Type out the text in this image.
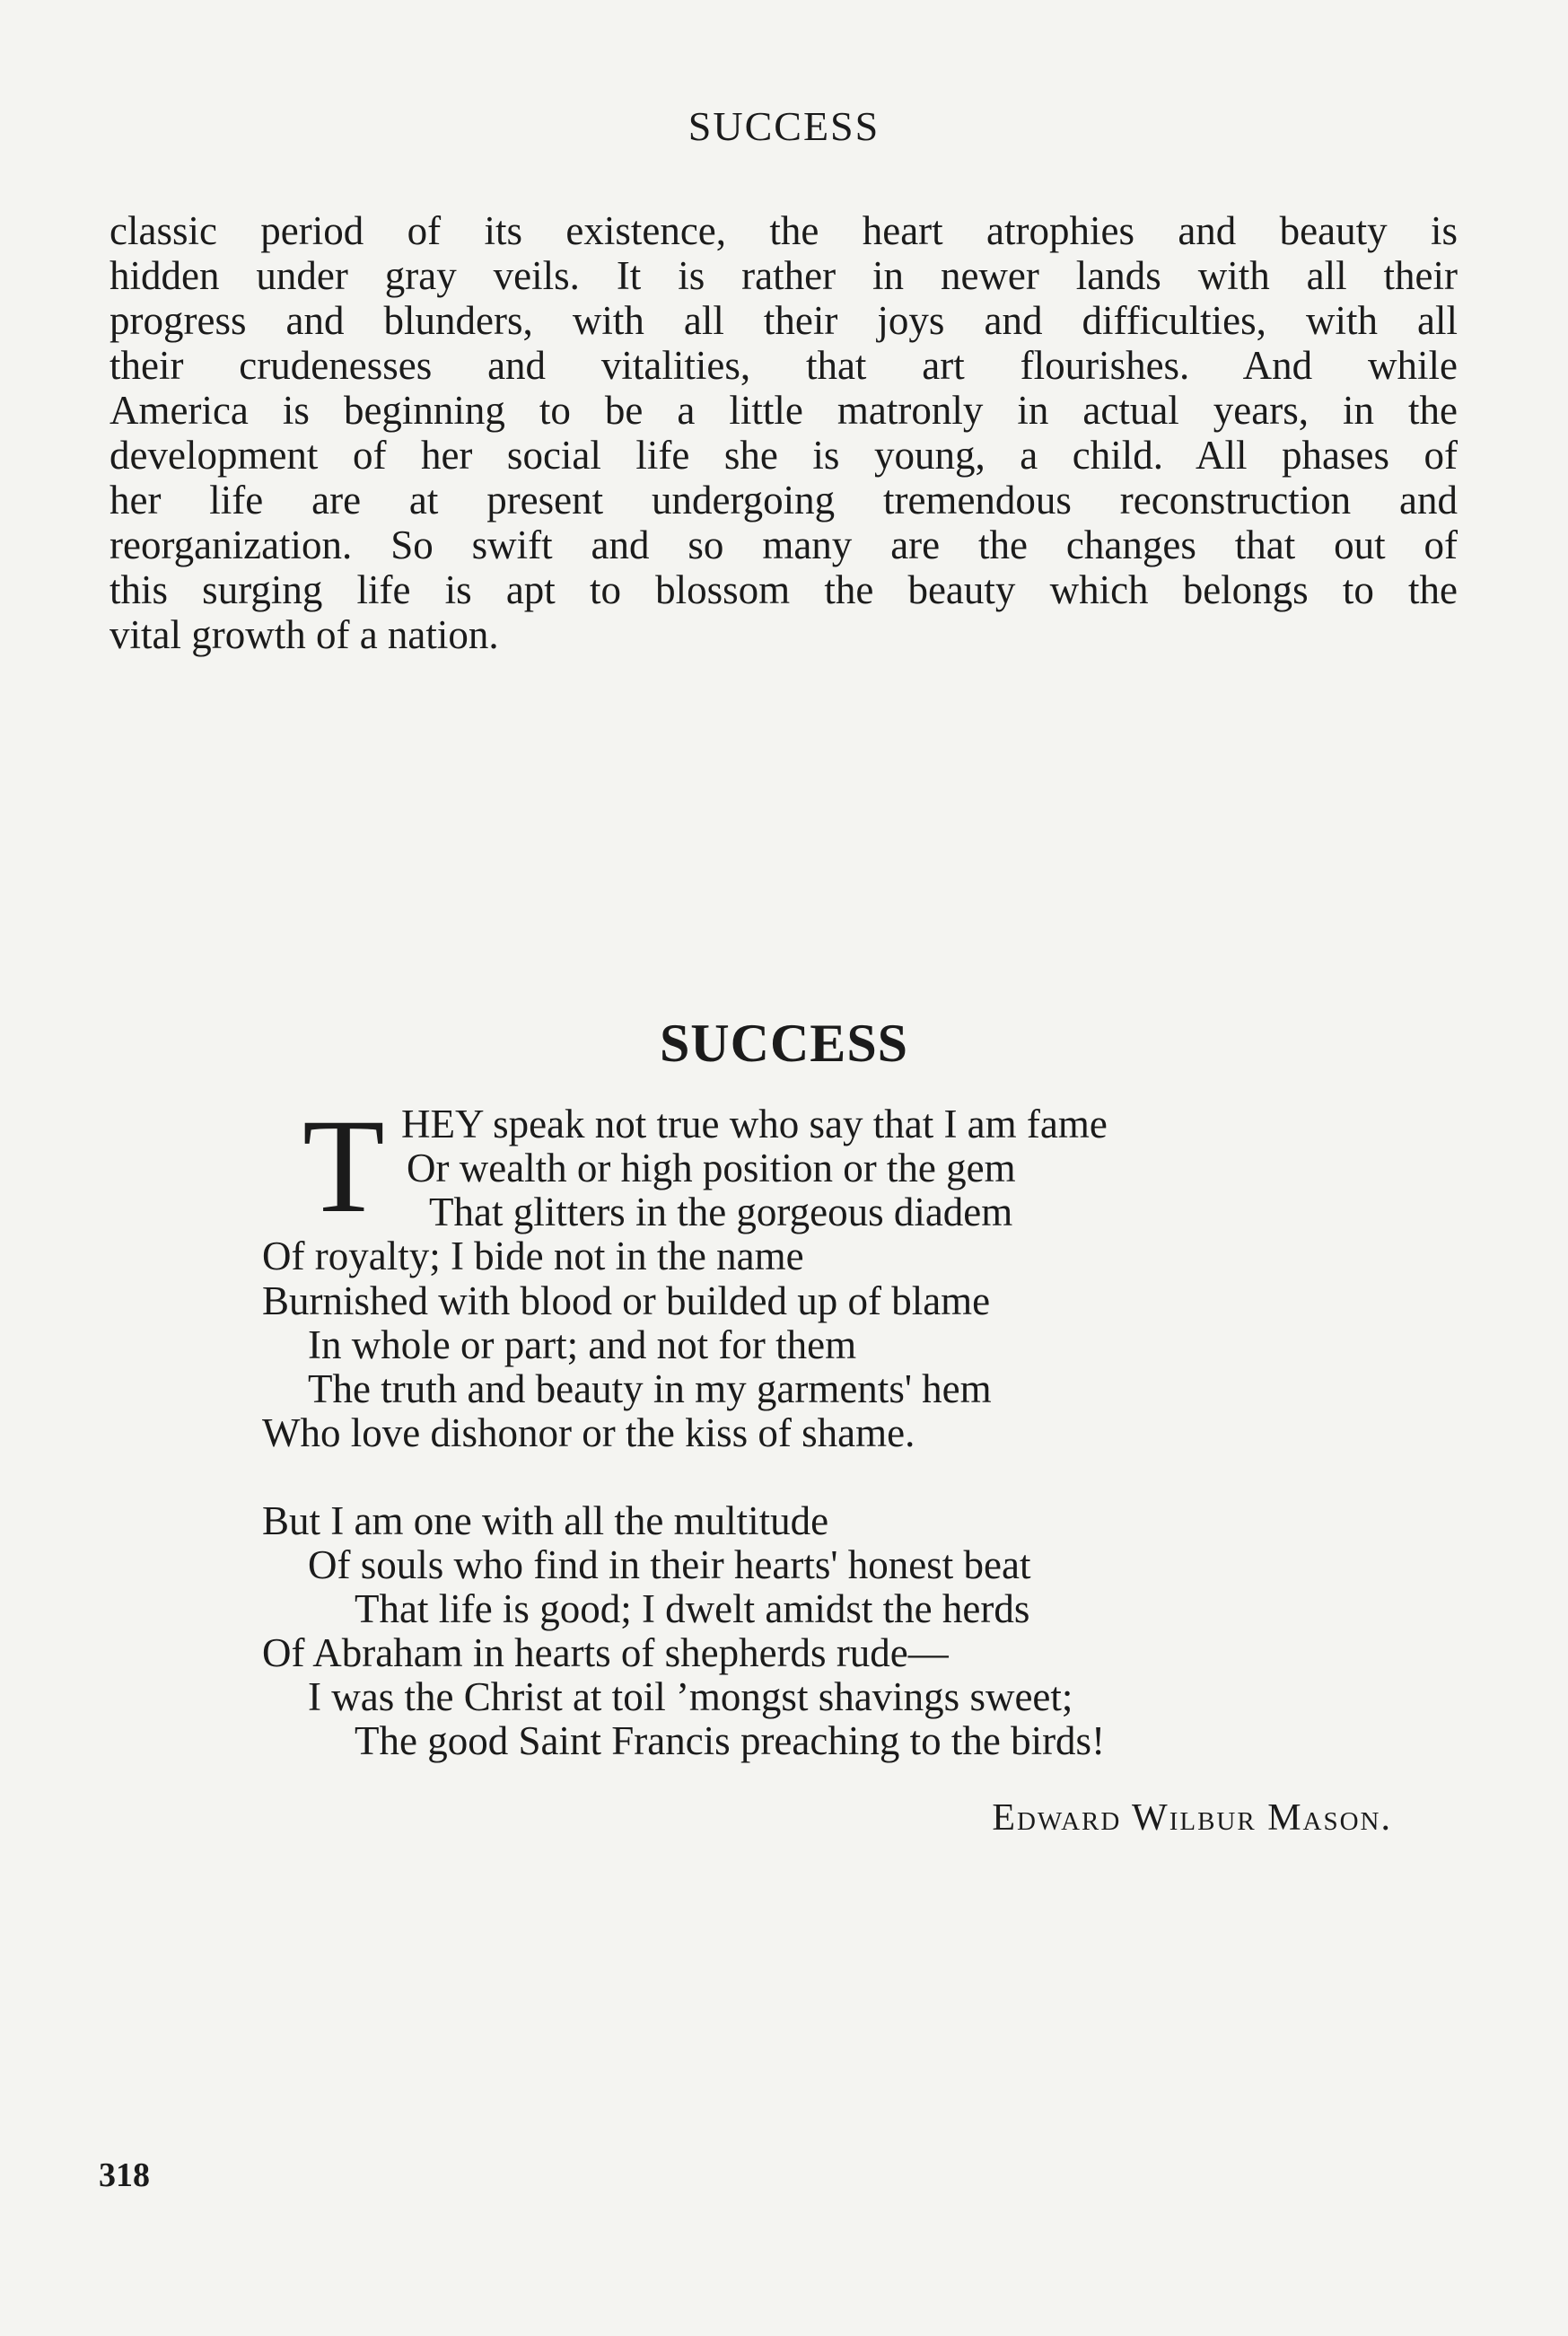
SUCCESS
classic period of its existence, the heart atrophies and beauty is
hidden under gray veils. It is rather in newer lands with all their
progress and blunders, with all their joys and difficulties, with all
their crudenesses and vitalities, that art flourishes. And while
America is beginning to be a little matronly in actual years, in the
development of her social life she is young, a child. All phases of
her life are at present undergoing tremendous reconstruction and
reorganization. So swift and so many are the changes that out of
this surging life is apt to blossom the beauty which belongs to the
vital growth of a nation.
SUCCESS
T HEY speak not true who say that I am fame
Or wealth or high position or the gem
That glitters in the gorgeous diadem
Of royalty; I bide not in the name
Burnished with blood or builded up of blame
In whole or part; and not for them
The truth and beauty in my garments' hem
Who love dishonor or the kiss of shame.
But I am one with all the multitude
Of souls who find in their hearts' honest beat
That life is good; I dwelt amidst the herds
Of Abraham in hearts of shepherds rude—
I was the Christ at toil ’mongst shavings sweet;
The good Saint Francis preaching to the birds!
Edward Wilbur Mason.
318
